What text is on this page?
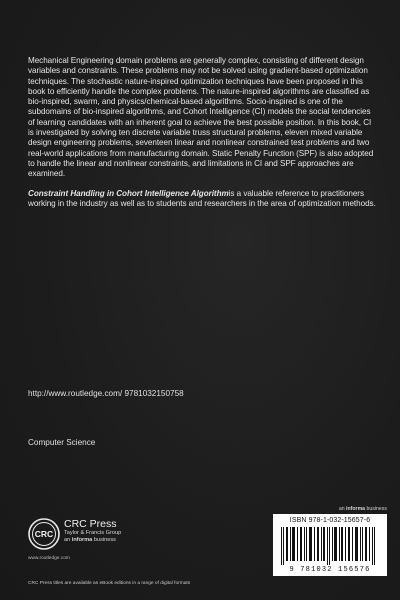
Mechanical Engineering domain problems are generally complex, consisting of different design variables and constraints. These problems may not be solved using gradient-based optimization techniques. The stochastic nature-inspired optimization techniques have been proposed in this book to efficiently handle the complex problems. The nature-inspired algorithms are classified as bio-inspired, swarm, and physics/chemical-based algorithms. Socio-inspired is one of the subdomains of bio-inspired algorithms, and Cohort Intelligence (CI) models the social tendencies of learning candidates with an inherent goal to achieve the best possible position. In this book, CI is investigated by solving ten discrete variable truss structural problems, eleven mixed variable design engineering problems, seventeen linear and nonlinear constrained test problems and two real-world applications from manufacturing domain. Static Penalty Function (SPF) is also adopted to handle the linear and nonlinear constraints, and limitations in CI and SPF approaches are examined.

Constraint Handling in Cohort Intelligence Algorithmis a valuable reference to practitioners working in the industry as well as to students and researchers in the area of optimization methods.

http://www.routledge.com/ 9781032150758
Computer Science
an informa business
ISBN 978-1-032-15657-6
9 781032 156576
CRC
CRC Press
Taylor & Francis Group
an informa business
www.routledge.com
CRC Press titles are available as eBook editions in a range of digital formats
